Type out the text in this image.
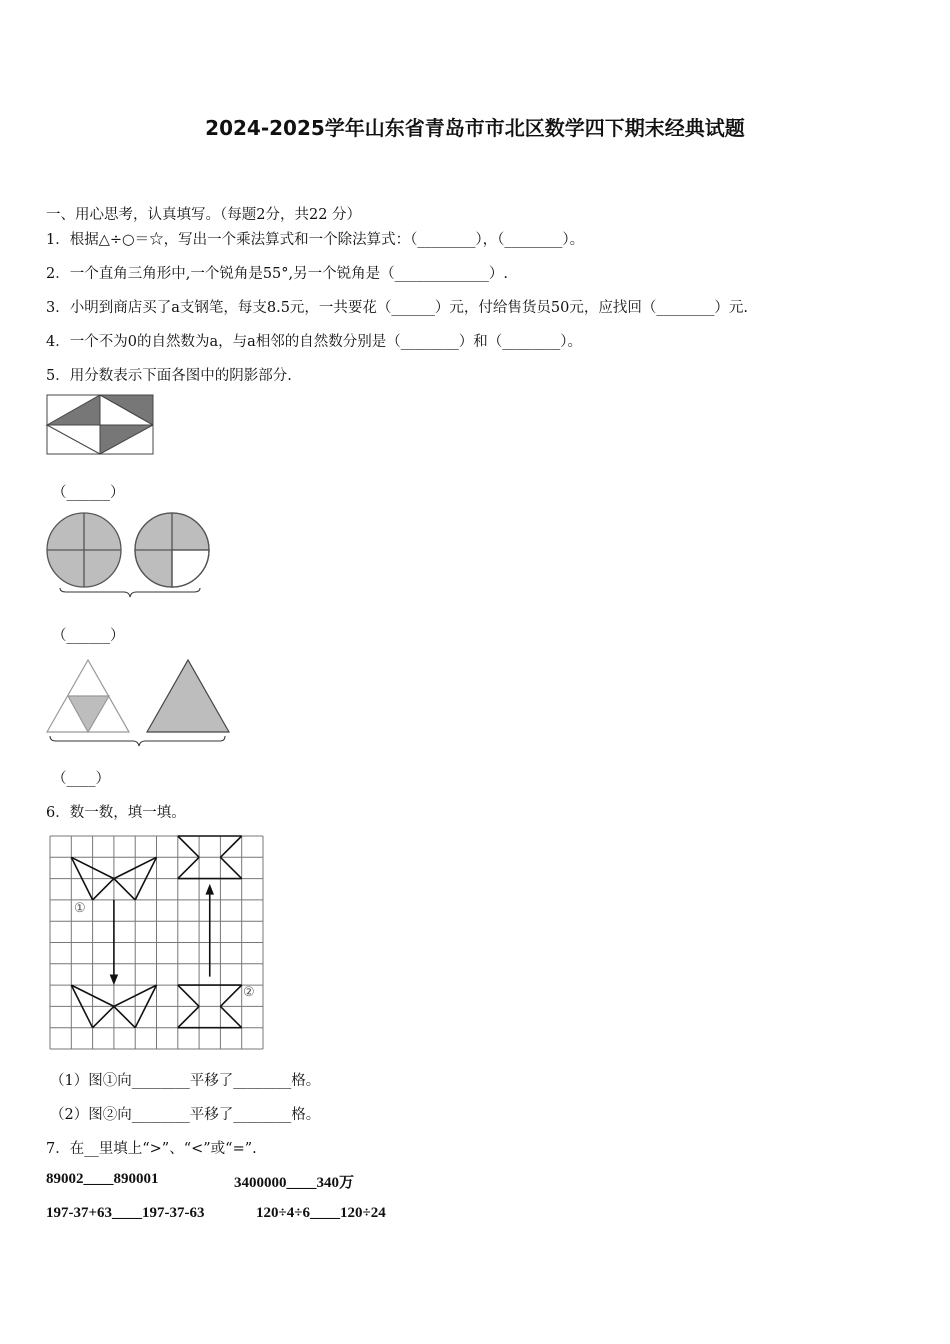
2024-2025学年山东省青岛市市北区数学四下期末经典试题
一、用心思考，认真填写。（每题2分，共22 分）
1．根据△÷○＝☆，写出一个乘法算式和一个除法算式：（________），（________）。
2．一个直角三角形中,一个锐角是55°,另一个锐角是（_____________）.
3．小明到商店买了a支钢笔，每支8.5元，一共要花（______）元，付给售货员50元，应找回（________）元.
4．一个不为0的自然数为a，与a相邻的自然数分别是（________）和（________）。
5．用分数表示下面各图中的阴影部分.
（______）
（______）
（____）
6．数一数，填一填。
①
②
（1）图①向________平移了________格。
（2）图②向________平移了________格。
7．在__里填上“>”、“<”或“=”.
89002____890001	3400000____340万
197-37+63____197-37-63	120÷4÷6____120÷24
